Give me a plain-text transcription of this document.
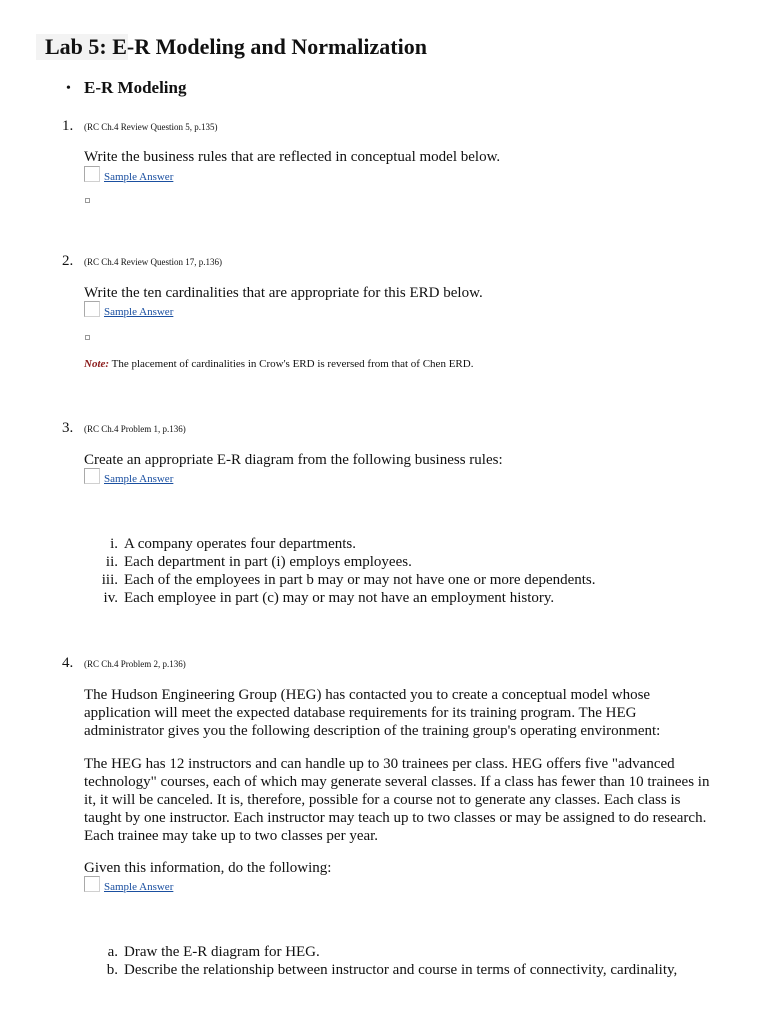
Lab 5: E-R Modeling and Normalization
• E-R Modeling
1. (RC Ch.4 Review Question 5, p.135)
Write the business rules that are reflected in conceptual model below.
Sample Answer
2. (RC Ch.4 Review Question 17, p.136)
Write the ten cardinalities that are appropriate for this ERD below.
Sample Answer
Note: The placement of cardinalities in Crow's ERD is reversed from that of Chen ERD.
3. (RC Ch.4 Problem 1, p.136)
Create an appropriate E-R diagram from the following business rules:
Sample Answer
i. A company operates four departments.
ii. Each department in part (i) employs employees.
iii. Each of the employees in part b may or may not have one or more dependents.
iv. Each employee in part (c) may or may not have an employment history.
4. (RC Ch.4 Problem 2, p.136)
The Hudson Engineering Group (HEG) has contacted you to create a conceptual model whose application will meet the expected database requirements for its training program. The HEG administrator gives you the following description of the training group's operating environment:
The HEG has 12 instructors and can handle up to 30 trainees per class. HEG offers five "advanced technology" courses, each of which may generate several classes. If a class has fewer than 10 trainees in it, it will be canceled. It is, therefore, possible for a course not to generate any classes. Each class is taught by one instructor. Each instructor may teach up to two classes or may be assigned to do research. Each trainee may take up to two classes per year.
Given this information, do the following:
Sample Answer
a. Draw the E-R diagram for HEG.
b. Describe the relationship between instructor and course in terms of connectivity, cardinality,
